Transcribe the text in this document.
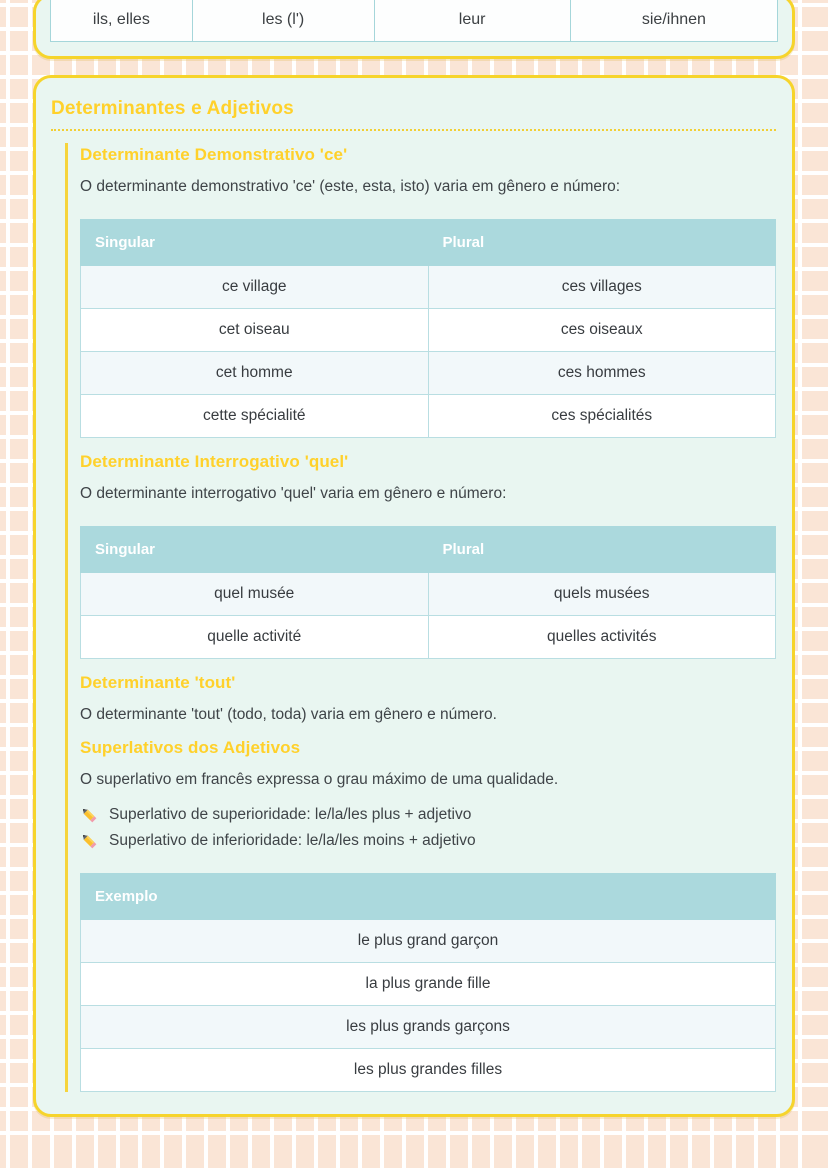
ils, elles	les (l')	leur	sie/ihnen
Determinantes e Adjetivos
Determinante Demonstrativo 'ce'

O determinante demonstrativo 'ce' (este, esta, isto) varia em gênero e número:

Singular	Plural
ce village	ces villages
cet oiseau	ces oiseaux
cet homme	ces hommes
cette spécialité	ces spécialités
Determinante Interrogativo 'quel'

O determinante interrogativo 'quel' varia em gênero e número:

Singular	Plural
quel musée	quels musées
quelle activité	quelles activités
Determinante 'tout'

O determinante 'tout' (todo, toda) varia em gênero e número.

Superlativos dos Adjetivos

O superlativo em francês expressa o grau máximo de uma qualidade.

Superlativo de superioridade: le/la/les plus + adjetivo
Superlativo de inferioridade: le/la/les moins + adjetivo
Exemplo
le plus grand garçon
la plus grande fille
les plus grands garçons
les plus grandes filles
